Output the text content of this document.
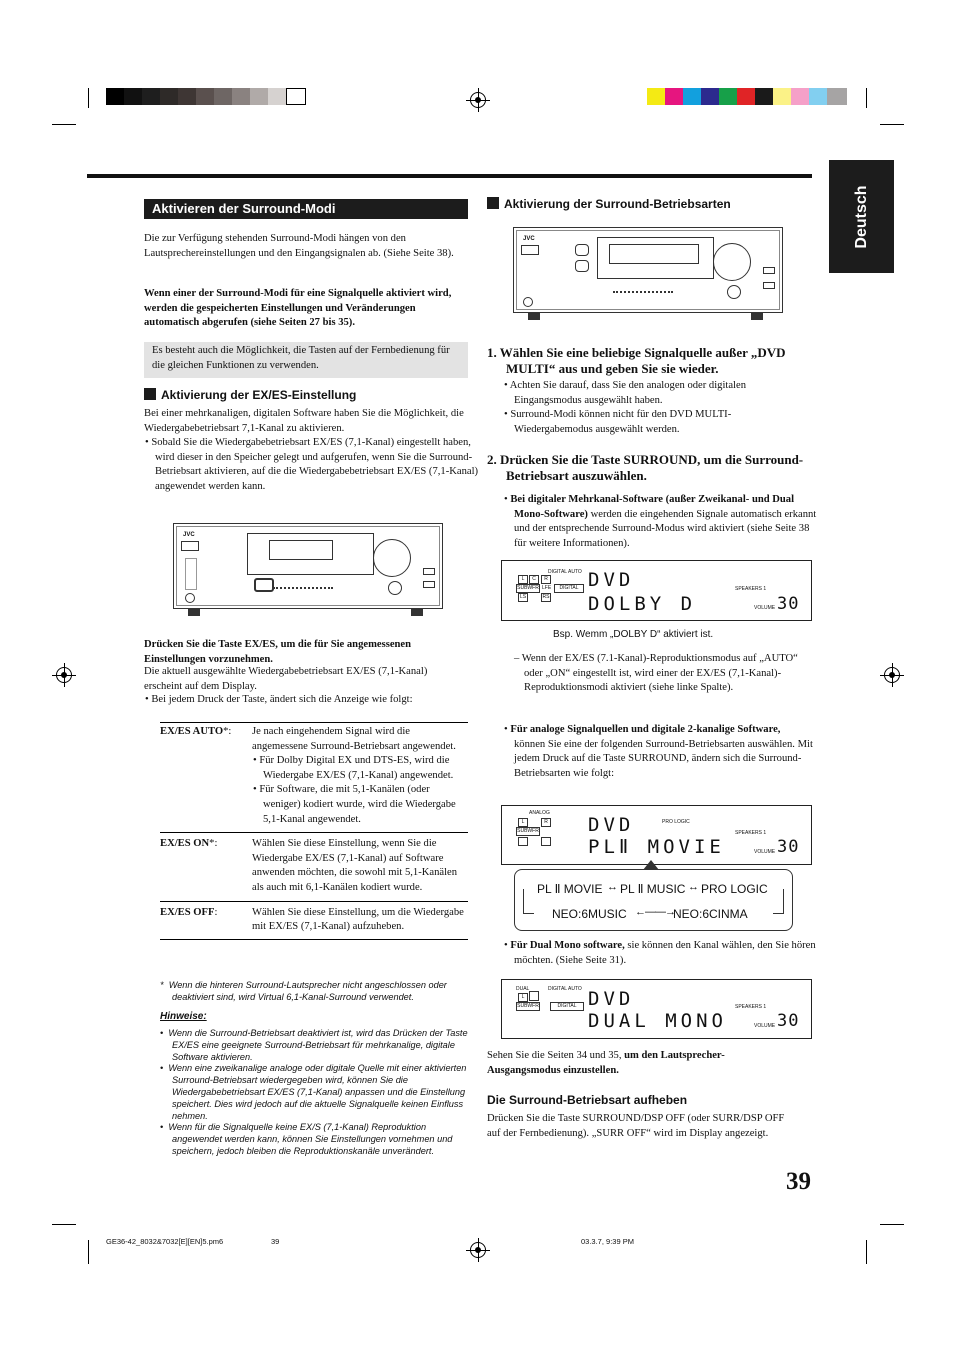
Deutsch
Aktivieren der Surround-Modi

Die zur Verfügung stehenden Surround-Modi hängen von den Lautsprechereinstellungen und den Eingangsignalen ab. (Siehe Seite 38).

Wenn einer der Surround-Modi für eine Signalquelle aktiviert wird, werden die gespeicherten Einstellungen und Veränderungen automatisch abgerufen (siehe Seiten 27 bis 35).

Es besteht auch die Möglichkeit, die Tasten auf der Fernbedienung für die gleichen Funktionen zu verwenden.

Aktivierung der EX/ES-Einstellung

Bei einer mehrkanaligen, digitalen Software haben Sie die Möglichkeit, die Wiedergabebetriebsart 7,1-Kanal zu aktivieren.

• Sobald Sie die Wiedergabebetriebsart EX/ES (7,1-Kanal) eingestellt haben, wird dieser in den Speicher gelegt und aufgerufen, wenn Sie die Surround-Betriebsart aktivieren, auf die die Wiedergabebetriebsart EX/ES (7,1-Kanal) angewendet werden kann.

JVC

Drücken Sie die Taste EX/ES, um die für Sie angemessenen Einstellungen vorzunehmen.

Die aktuell ausgewählte Wiedergabebetriebsart EX/ES (7,1-Kanal) erscheint auf dem Display.

• Bei jedem Druck der Taste, ändert sich die Anzeige wie folgt:

EX/ES AUTO*:	Je nach eingehendem Signal wird die angemessene Surround-Betriebsart angewendet.
• Für Dolby Digital EX und DTS-ES, wird die Wiedergabe EX/ES (7,1-Kanal) angewendet.
• Für Software, die mit 5,1-Kanälen (oder weniger) kodiert wurde, wird die Wiedergabe 5,1-Kanal angewendet.
EX/ES ON*:	Wählen Sie diese Einstellung, wenn Sie die Wiedergabe EX/ES (7,1-Kanal) auf Software anwenden möchten, die sowohl mit 5,1-Kanälen als auch mit 6,1-Kanälen kodiert wurde.
EX/ES OFF:	Wählen Sie diese Einstellung, um die Wiedergabe mit EX/ES (7,1-Kanal) aufzuheben.
*  Wenn die hinteren Surround-Lautsprecher nicht angeschlossen oder deaktiviert sind, wird Virtual 6,1-Kanal-Surround verwendet.
Hinweise:
•  Wenn die Surround-Betriebsart deaktiviert ist, wird das Drücken der Taste EX/ES eine geeignete Surround-Betriebsart für mehrkanalige, digitale Software aktivieren.
•  Wenn eine zweikanalige analoge oder digitale Quelle mit einer aktivierten Surround-Betriebsart wiedergegeben wird, können Sie die Wiedergabebetriebsart EX/ES (7,1-Kanal) anpassen und die Einstellung speichert. Dies wird jedoch auf die aktuelle Signalquelle keinen Einfluss nehmen.
•  Wenn für die Signalquelle keine EX/S (7,1-Kanal) Reproduktion angewendet werden kann, können Sie Einstellungen vornehmen und speichern, jedoch bleiben die Reproduktionskanäle unverändert.
Aktivierung der Surround-Betriebsarten
JVC

1. Wählen Sie eine beliebige Signalquelle außer „DVD MULTI“ aus und geben Sie sie wieder.

• Achten Sie darauf, dass Sie den analogen oder digitalen Eingangsmodus ausgewählt haben.
• Surround-Modi können nicht für den DVD MULTI-Wiedergabemodus ausgewählt werden.

2. Drücken Sie die Taste SURROUND, um die Surround-Betriebsart auszuwählen.

• Bei digitaler Mehrkanal-Software (außer Zweikanal- und Dual Mono-Software) werden die eingehenden Signale automatisch erkannt und der entsprechende Surround-Modus wird aktiviert (siehe Seite 38 für weitere Informationen).

DIGITAL AUTO
L	C	R
SUBWFR LFE	DIGITAL
LS	RS
DVD
DOLBY D
SPEAKERS 1
VOLUME 30
Bsp. Wemm „DOLBY D“ aktiviert ist.

– Wenn der EX/ES (7.1-Kanal)-Reproduktionsmodus auf „AUTO“ oder „ON“ eingestellt ist, wird einer der EX/ES (7,1-Kanal)-Reproduktionsmodi aktiviert (siehe linke Spalte).

• Für analoge Signalquellen und digitale 2-kanalige Software, können Sie eine der folgenden Surround-Betriebsarten auswählen. Mit jedem Druck auf die Taste SURROUND, ändern sich die Surround-Betriebsarten wie folgt:

ANALOG
L	R
SUBWFR
PRO LOGIC
DVD
PLⅡ MOVIE
SPEAKERS 1
VOLUME 30
PL Ⅱ MOVIE ↔ PL Ⅱ MUSIC ↔ PRO LOGIC
NEO:6MUSIC ←——→
NEO:6CINMA

• Für Dual Mono software, sie können den Kanal wählen, den Sie hören möchten. (Siehe Seite 31).

DUAL	DIGITAL AUTO
L
SUBWFR	DIGITAL DVD
DUAL MONO
SPEAKERS 1
VOLUME 30

Sehen Sie die Seiten 34 und 35, um den Lautsprecher-Ausgangsmodus einzustellen.

Die Surround-Betriebsart aufheben

Drücken Sie die Taste SURROUND/DSP OFF (oder SURR/DSP OFF auf der Fernbedienung). „SURR OFF“ wird im Display angezeigt.

39
GE36-42_8032&7032[E][EN]5.pm6	39	03.3.7, 9:39 PM
